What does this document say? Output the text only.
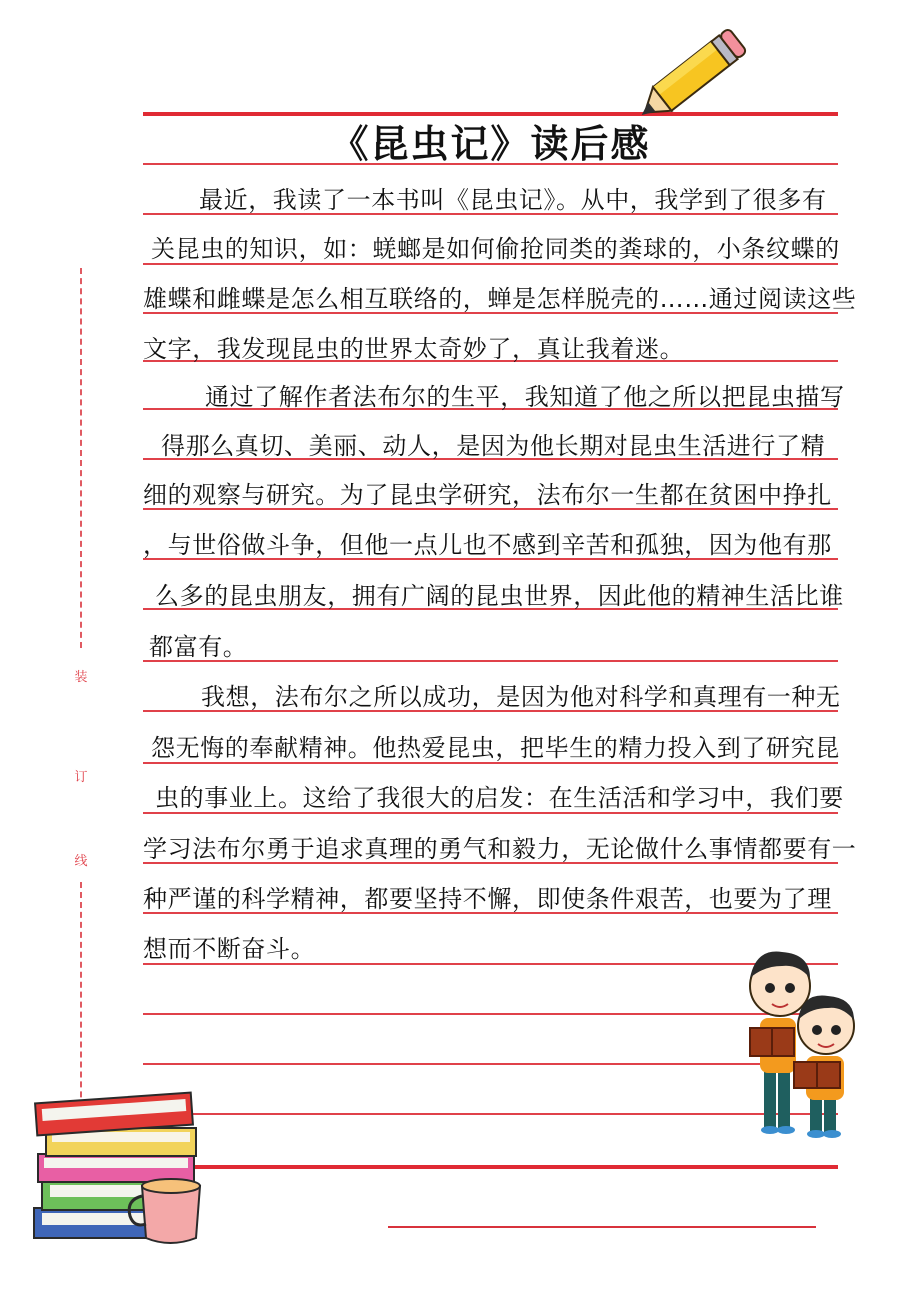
装
订
线
《昆虫记》读后感
最近，我读了一本书叫《昆虫记》。从中，我学到了很多有
关昆虫的知识，如：蜣螂是如何偷抢同类的粪球的，小条纹蝶的
雄蝶和雌蝶是怎么相互联络的，蝉是怎样脱壳的……通过阅读这些
文字，我发现昆虫的世界太奇妙了，真让我着迷。
通过了解作者法布尔的生平，我知道了他之所以把昆虫描写
得那么真切、美丽、动人，是因为他长期对昆虫生活进行了精
细的观察与研究。为了昆虫学研究，法布尔一生都在贫困中挣扎
，与世俗做斗争，但他一点儿也不感到辛苦和孤独，因为他有那
么多的昆虫朋友，拥有广阔的昆虫世界，因此他的精神生活比谁
都富有。
我想，法布尔之所以成功，是因为他对科学和真理有一种无
怨无悔的奉献精神。他热爱昆虫，把毕生的精力投入到了研究昆
虫的事业上。这给了我很大的启发：在生活活和学习中，我们要
学习法布尔勇于追求真理的勇气和毅力，无论做什么事情都要有一
种严谨的科学精神，都要坚持不懈，即使条件艰苦，也要为了理
想而不断奋斗。
